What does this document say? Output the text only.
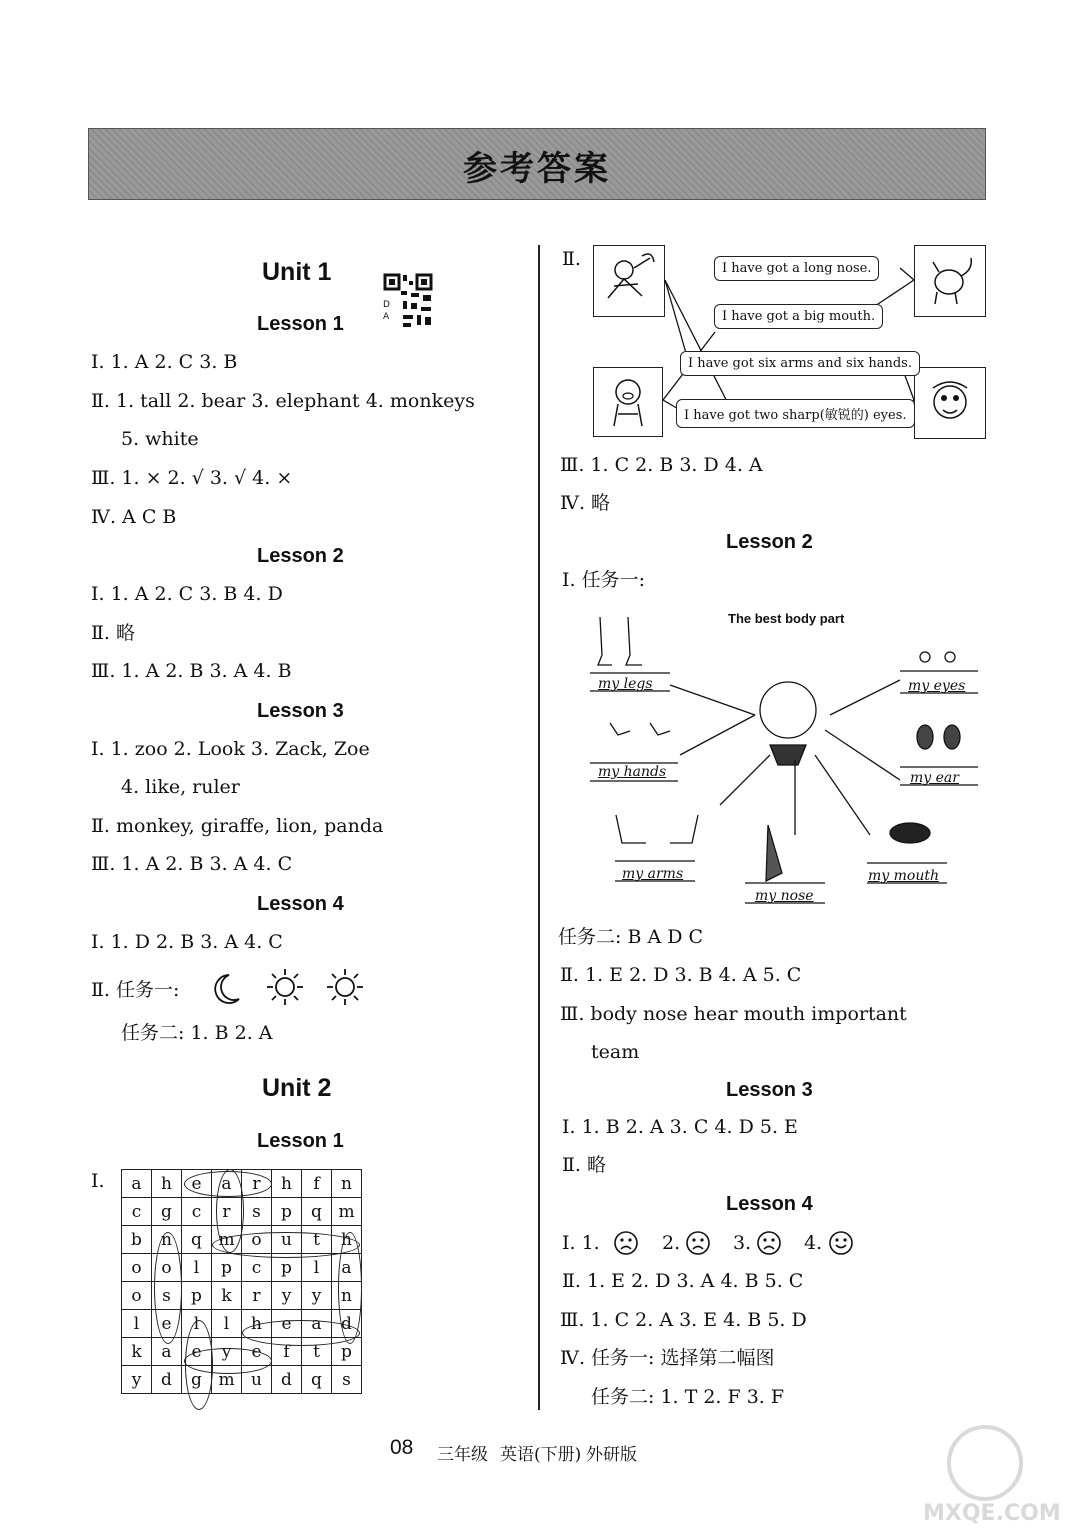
参考答案
Unit 1
D
A
Lesson 1
Ⅰ. 1. A 2. C 3. B
Ⅱ. 1. tall 2. bear 3. elephant 4. monkeys
5. white
Ⅲ. 1. × 2. √ 3. √ 4. ×
Ⅳ. A C B
Lesson 2
Ⅰ. 1. A 2. C 3. B 4. D
Ⅱ. 略
Ⅲ. 1. A 2. B 3. A 4. B
Lesson 3
Ⅰ. 1. zoo 2. Look 3. Zack, Zoe
4. like, ruler
Ⅱ. monkey, giraffe, lion, panda
Ⅲ. 1. A 2. B 3. A 4. C
Lesson 4
Ⅰ. 1. D 2. B 3. A 4. C
Ⅱ. 任务一:
任务二: 1. B 2. A
Unit 2
Lesson 1
Ⅰ. a	h	e	a	r	h	f	n
c	g	c	r	s	p	q	m
b	n	q	m	o	u	t	h
o	o	l	p	c	p	l	a
o	s	p	k	r	y	y	n
l	e	l	l	h	e	a	d
k	a	e	y	e	f	t	p
y	d	g	m	u	d	q	s
Ⅱ.	I have got a long nose.
I have got a big mouth.
I have got six arms and six hands.
I have got two sharp(敏锐的) eyes.
Ⅲ. 1. C 2. B 3. D 4. A
Ⅳ. 略
Lesson 2
Ⅰ. 任务一:
The best body part
my legs	my eyes
my hands	my ear
my arms
my nose
my mouth
任务二: B A D C
Ⅱ. 1. E 2. D 3. B 4. A 5. C
Ⅲ. body nose hear mouth important
team
Lesson 3
Ⅰ. 1. B 2. A 3. C 4. D 5. E
Ⅱ. 略
Lesson 4
Ⅰ. 1.	2.	3.	4.
Ⅱ. 1. E 2. D 3. A 4. B 5. C
Ⅲ. 1. C 2. A 3. E 4. B 5. D
Ⅳ. 任务一: 选择第二幅图
任务二: 1. T 2. F 3. F
08 三年级 英语(下册) 外研版
MXQE.COM
